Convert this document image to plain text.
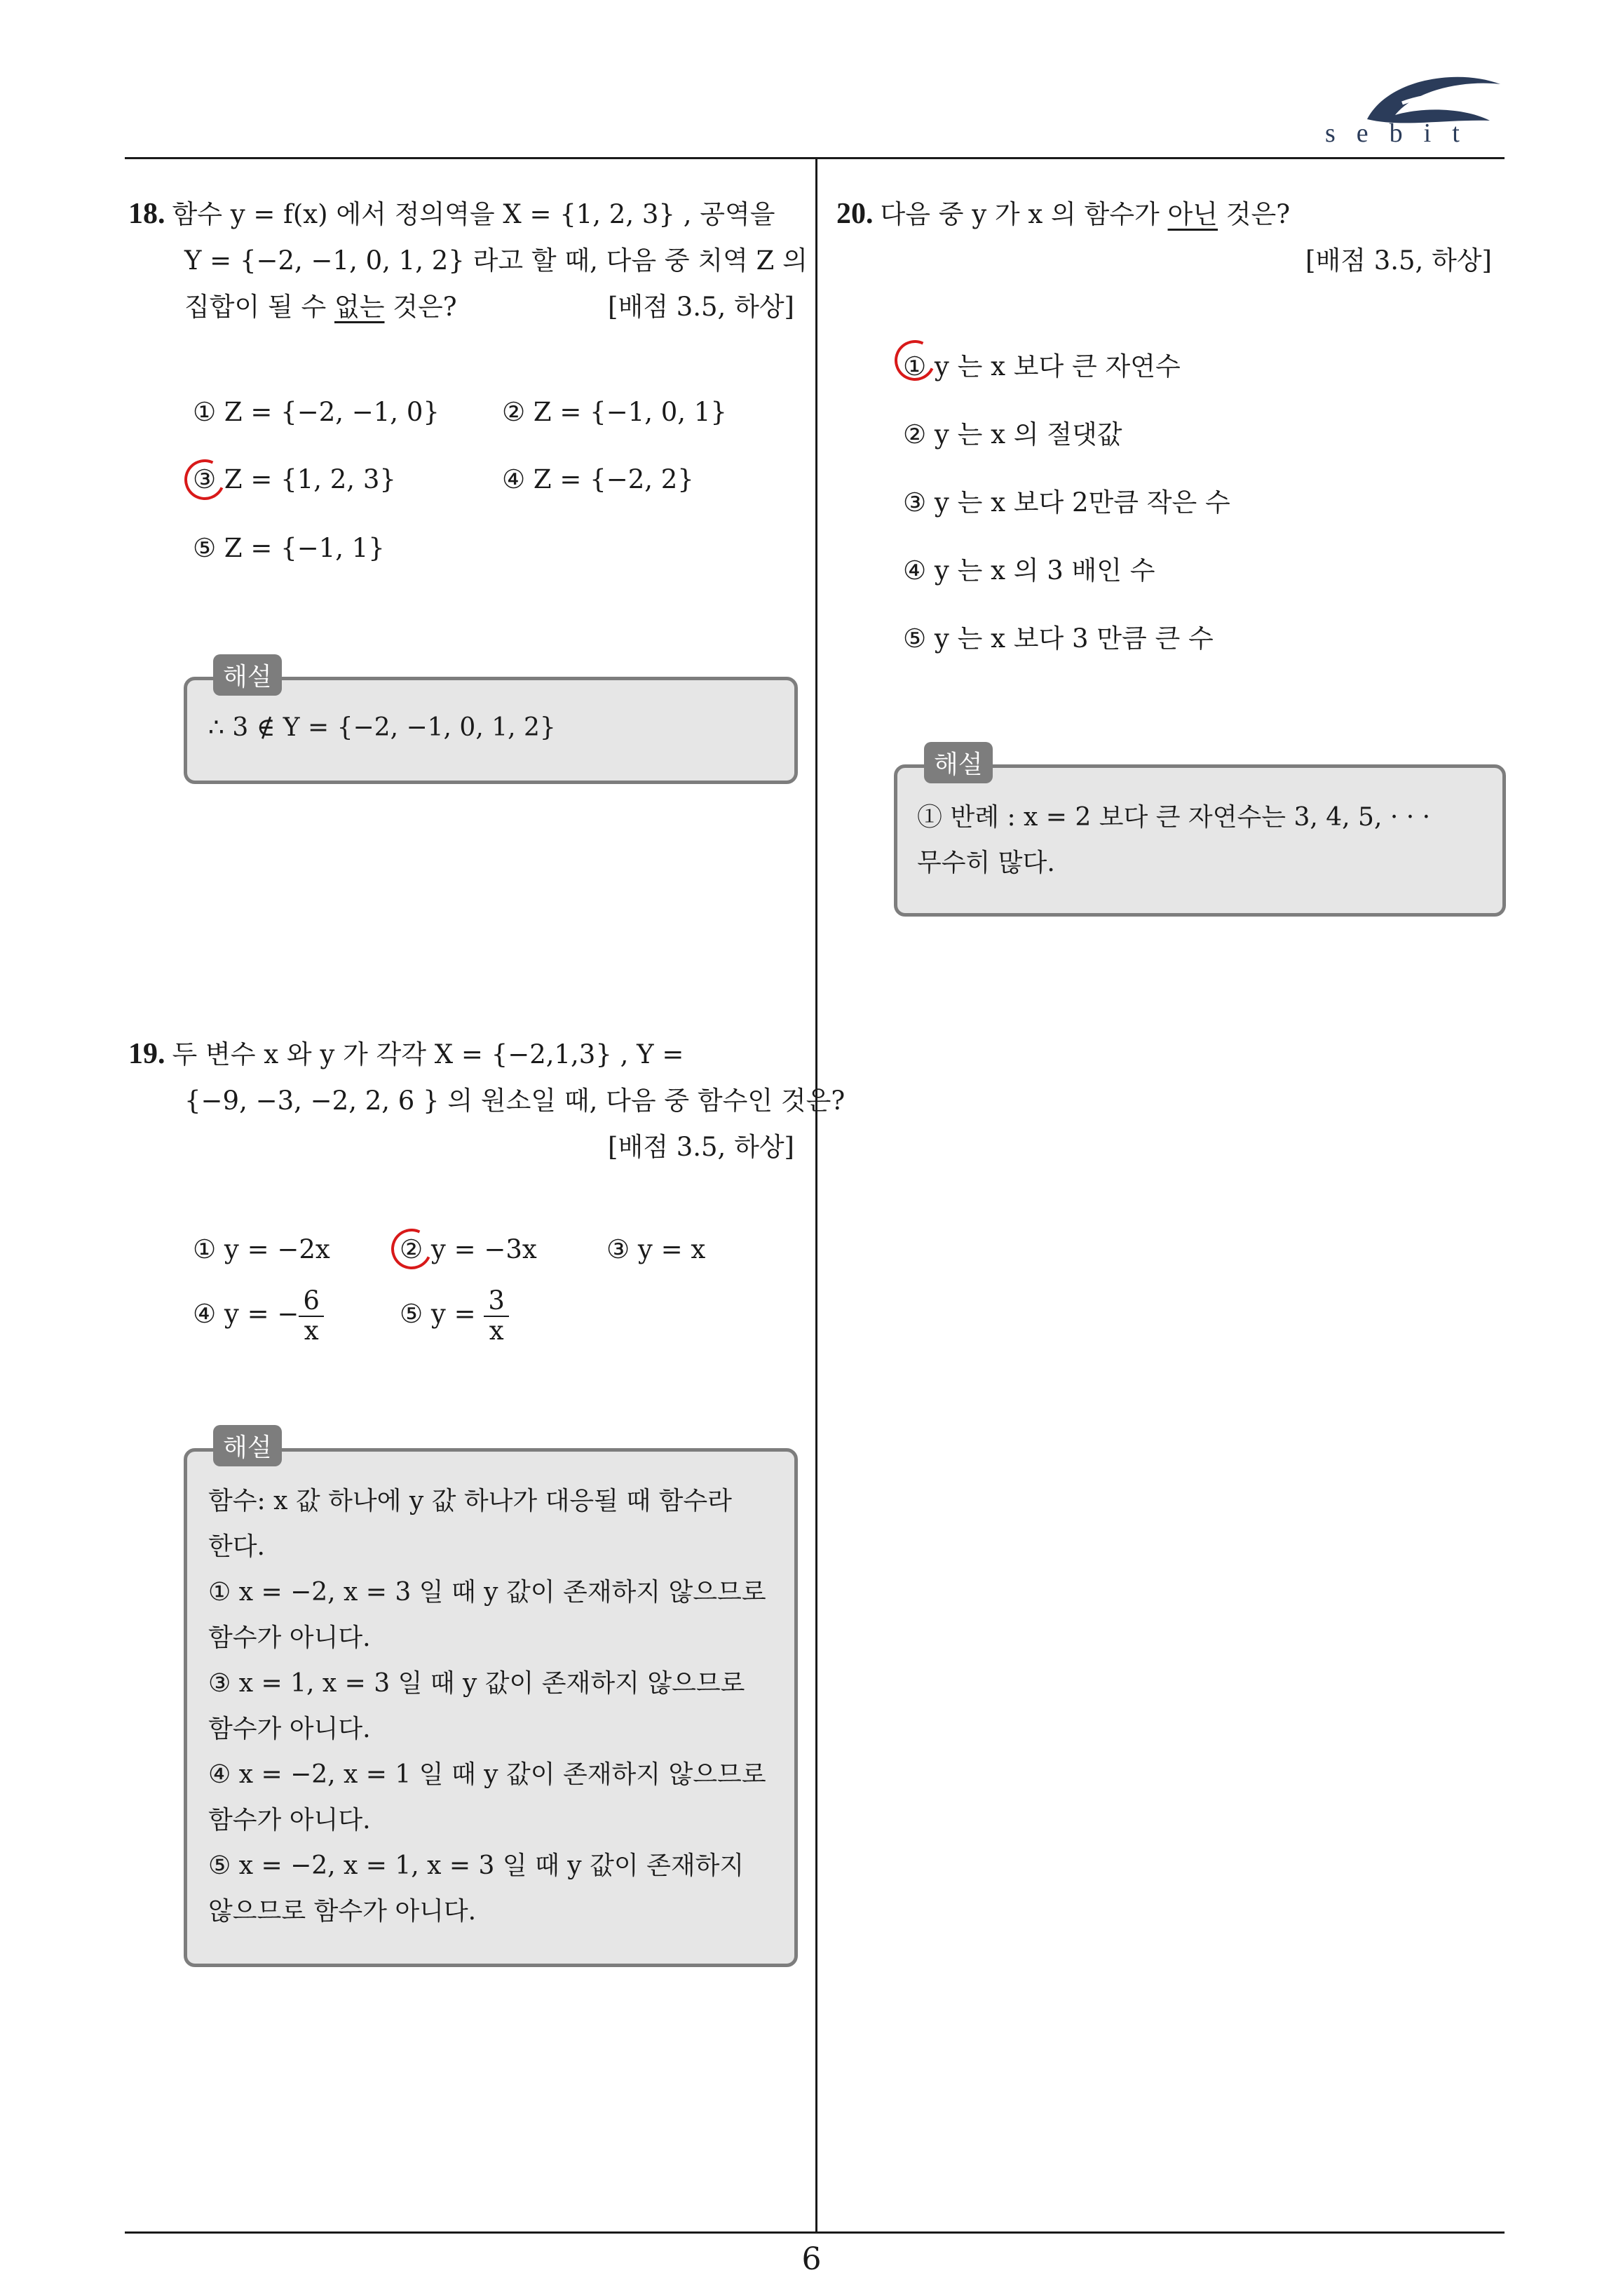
sebit
18. 함수 y = f(x) 에서 정의역을 X = {1, 2, 3} , 공역을
Y = {−2, −1, 0, 1, 2} 라고 할 때, 다음 중 치역 Z 의
집합이 될 수 없는 것은?	[배점 3.5, 하상]
① Z = {−2, −1, 0} ② Z = {−1, 0, 1}
③ Z = {1, 2, 3}	④ Z = {−2, 2}
⑤ Z = {−1, 1}
해설
∴ 3 ∉ Y = {−2, −1, 0, 1, 2}
19. 두 변수 x 와 y 가 각각 X = {−2,1,3} , Y =
{−9, −3, −2, 2, 6 } 의 원소일 때, 다음 중 함수인 것은?
[배점 3.5, 하상]
① y = −2x	② y = −3x	③ y = x
④ y = − $\frac{6}{x}$	⑤ $y = \frac{3}{x}$
해설
함수: x 값 하나에 y 값 하나가 대응될 때 함수라
한다.
① x = −2, x = 3 일 때 y 값이 존재하지 않으므로
함수가 아니다.
③ x = 1, x = 3 일 때 y 값이 존재하지 않으므로
함수가 아니다.
④ x = −2, x = 1 일 때 y 값이 존재하지 않으므로
함수가 아니다.
⑤ x = −2, x = 1, x = 3 일 때 y 값이 존재하지
않으므로 함수가 아니다.
20. 다음 중 y 가 x 의 함수가 아닌 것은?
[배점 3.5, 하상]
① y 는 x 보다 큰 자연수
② y 는 x 의 절댓값
③ y 는 x 보다 2만큼 작은 수
④ y 는 x 의 3 배인 수
⑤ y 는 x 보다 3 만큼 큰 수
해설
① 반례 : x = 2 보다 큰 자연수는 3, 4, 5, · · ·
무수히 많다.
6
